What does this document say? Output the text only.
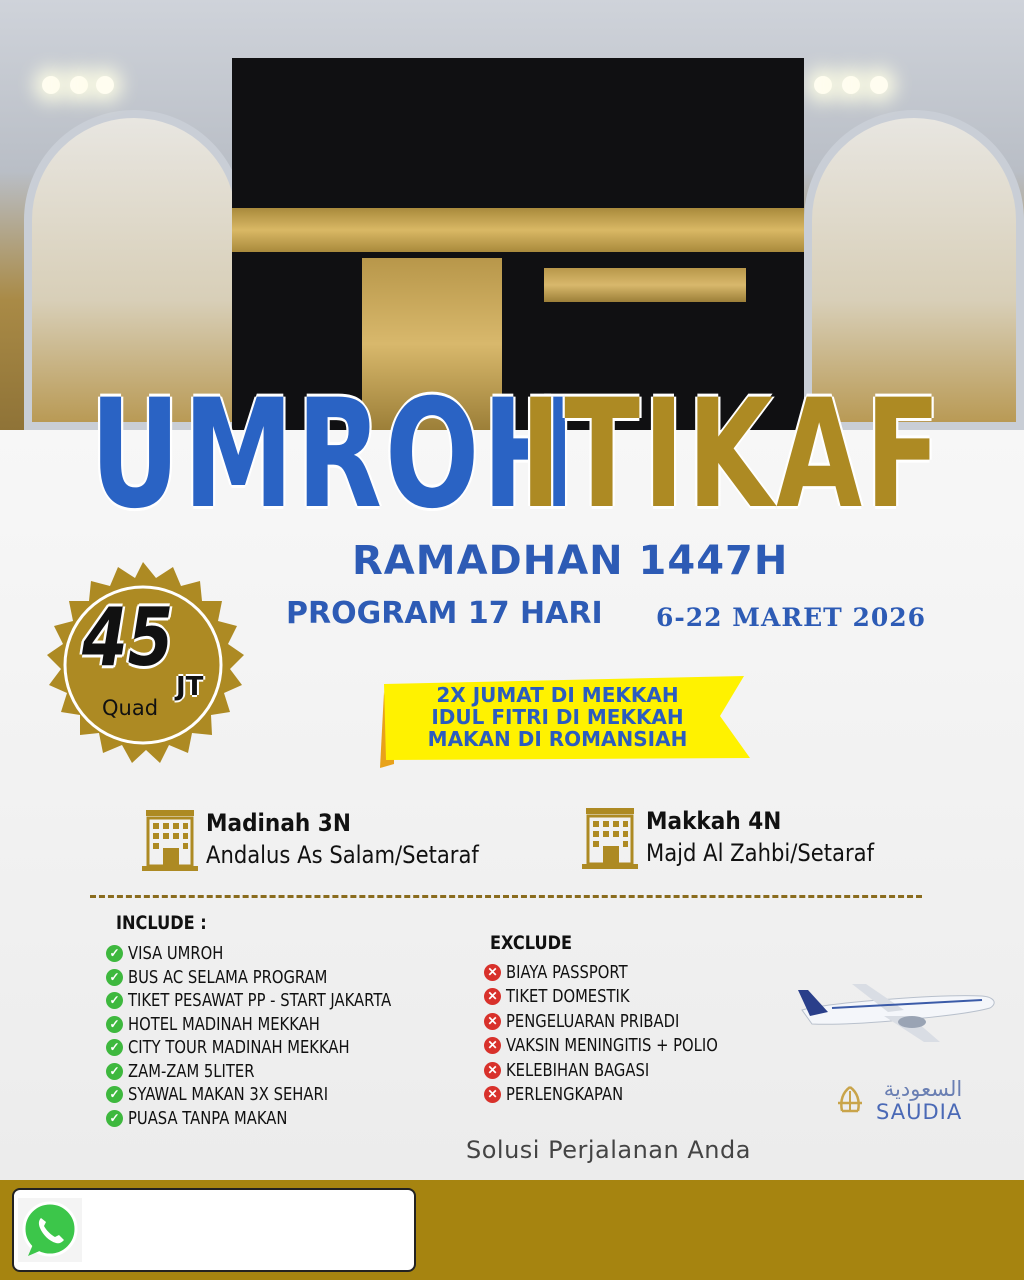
UMROH
ITIKAF
RAMADHAN 1447H
PROGRAM 17 HARI 6-22 MARET 2026
45
JT
Quad
2X JUMAT DI MEKKAH
IDUL FITRI DI MEKKAH
MAKAN DI ROMANSIAH
Madinah 3N
Andalus As Salam/Setaraf
Makkah 4N
Majd Al Zahbi/Setaraf
INCLUDE :
✓ VISA UMROH
✓ BUS AC SELAMA PROGRAM
✓ TIKET PESAWAT PP - START JAKARTA
✓ HOTEL MADINAH MEKKAH
✓ CITY TOUR MADINAH MEKKAH
✓ ZAM-ZAM 5LITER
✓ SYAWAL MAKAN 3X SEHARI
✓ PUASA TANPA MAKAN
EXCLUDE
✕ BIAYA PASSPORT
✕ TIKET DOMESTIK
✕ PENGELUARAN PRIBADI
✕ VAKSIN MENINGITIS + POLIO
✕ KELEBIHAN BAGASI
✕ PERLENGKAPAN	السعودية
SAUDIA
Solusi Perjalanan Anda
